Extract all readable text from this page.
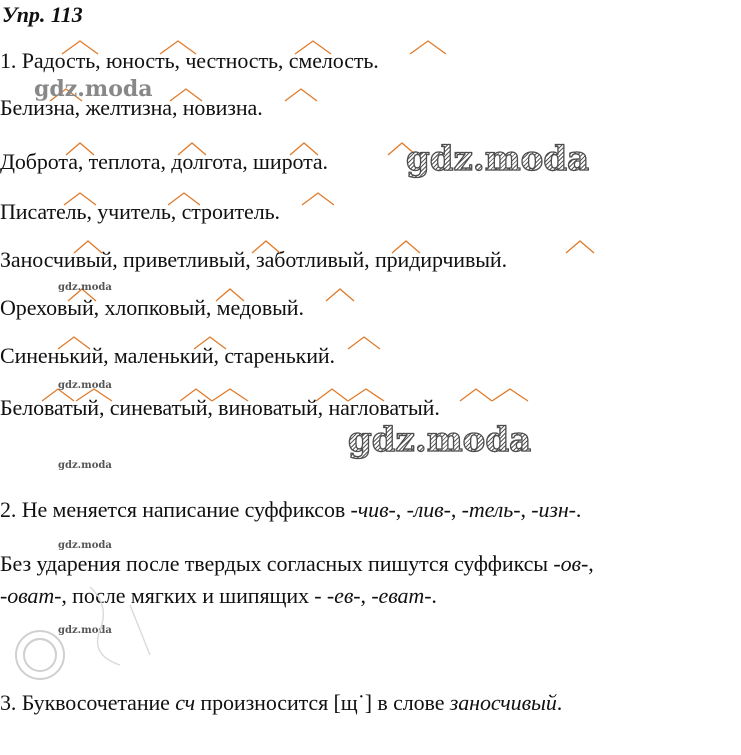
Упр. 113
1. Радость, юность, честность, смелость.
Белизна, желтизна, новизна.
Доброта, теплота, долгота, широта.
Писатель, учитель, строитель.
Заносчивый, приветливый, заботливый, придирчивый.
Ореховый, хлопковый, медовый.
Синенький, маленький, старенький.
Беловатый, синеватый, виноватый, нагловатый.
2. Не меняется написание суффиксов -чив-, -лив-, -тель-, -изн-.
Без ударения после твердых согласных пишутся суффиксы -ов-,
-оват-, после мягких и шипящих - -ев-, -еват-.
3. Буквосочетание сч произносится [щ˙] в слове заносчивый.
gdz.moda
gdz.moda
gdz.moda
gdz.moda
gdz.moda
gdz.moda
gdz.moda
gdz.moda
